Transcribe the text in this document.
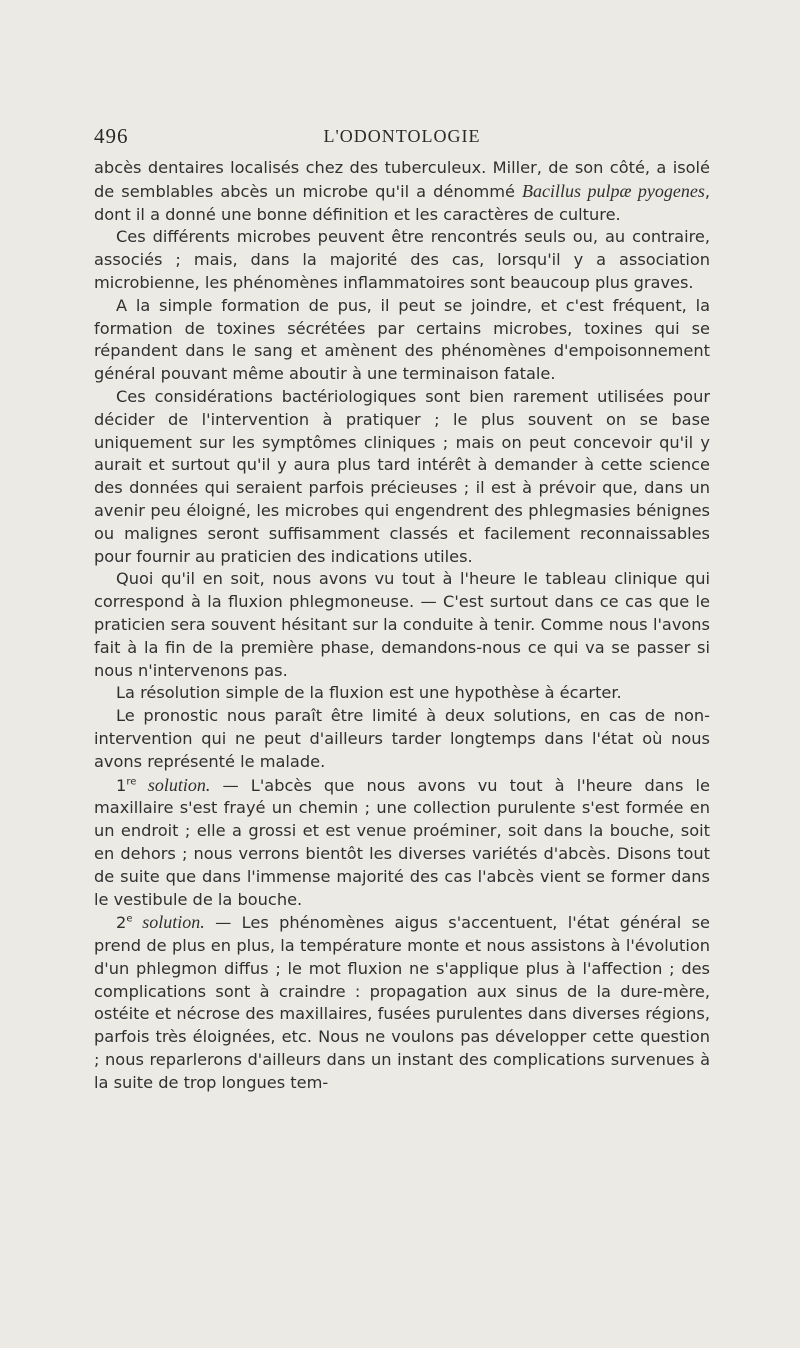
496	L'ODONTOLOGIE

abcès dentaires localisés chez des tuberculeux. Miller, de son côté, a isolé de semblables abcès un microbe qu'il a dénommé Bacillus pulpæ pyogenes, dont il a donné une bonne définition et les caractères de culture.

Ces différents microbes peuvent être rencontrés seuls ou, au contraire, associés ; mais, dans la majorité des cas, lorsqu'il y a association microbienne, les phénomènes inflammatoires sont beaucoup plus graves.

A la simple formation de pus, il peut se joindre, et c'est fréquent, la formation de toxines sécrétées par certains microbes, toxines qui se répandent dans le sang et amènent des phénomènes d'empoisonnement général pouvant même aboutir à une terminaison fatale.

Ces considérations bactériologiques sont bien rarement utilisées pour décider de l'intervention à pratiquer ; le plus souvent on se base uniquement sur les symptômes cliniques ; mais on peut concevoir qu'il y aurait et surtout qu'il y aura plus tard intérêt à demander à cette science des données qui seraient parfois précieuses ; il est à prévoir que, dans un avenir peu éloigné, les microbes qui engendrent des phlegmasies bénignes ou malignes seront suffisamment classés et facilement reconnaissables pour fournir au praticien des indications utiles.

Quoi qu'il en soit, nous avons vu tout à l'heure le tableau clinique qui correspond à la fluxion phlegmoneuse. — C'est surtout dans ce cas que le praticien sera souvent hésitant sur la conduite à tenir. Comme nous l'avons fait à la fin de la première phase, demandons-nous ce qui va se passer si nous n'intervenons pas.

La résolution simple de la fluxion est une hypothèse à écarter.

Le pronostic nous paraît être limité à deux solutions, en cas de non-intervention qui ne peut d'ailleurs tarder longtemps dans l'état où nous avons représenté le malade.

1re solution. — L'abcès que nous avons vu tout à l'heure dans le maxillaire s'est frayé un chemin ; une collection purulente s'est formée en un endroit ; elle a grossi et est venue proéminer, soit dans la bouche, soit en dehors ; nous verrons bientôt les diverses variétés d'abcès. Disons tout de suite que dans l'immense majorité des cas l'abcès vient se former dans le vestibule de la bouche.

2e solution. — Les phénomènes aigus s'accentuent, l'état général se prend de plus en plus, la température monte et nous assistons à l'évolution d'un phlegmon diffus ; le mot fluxion ne s'applique plus à l'affection ; des complications sont à craindre : propagation aux sinus de la dure-mère, ostéite et nécrose des maxillaires, fusées purulentes dans diverses régions, parfois très éloignées, etc. Nous ne voulons pas développer cette question ; nous reparlerons d'ailleurs dans un instant des complications survenues à la suite de trop longues tem-
